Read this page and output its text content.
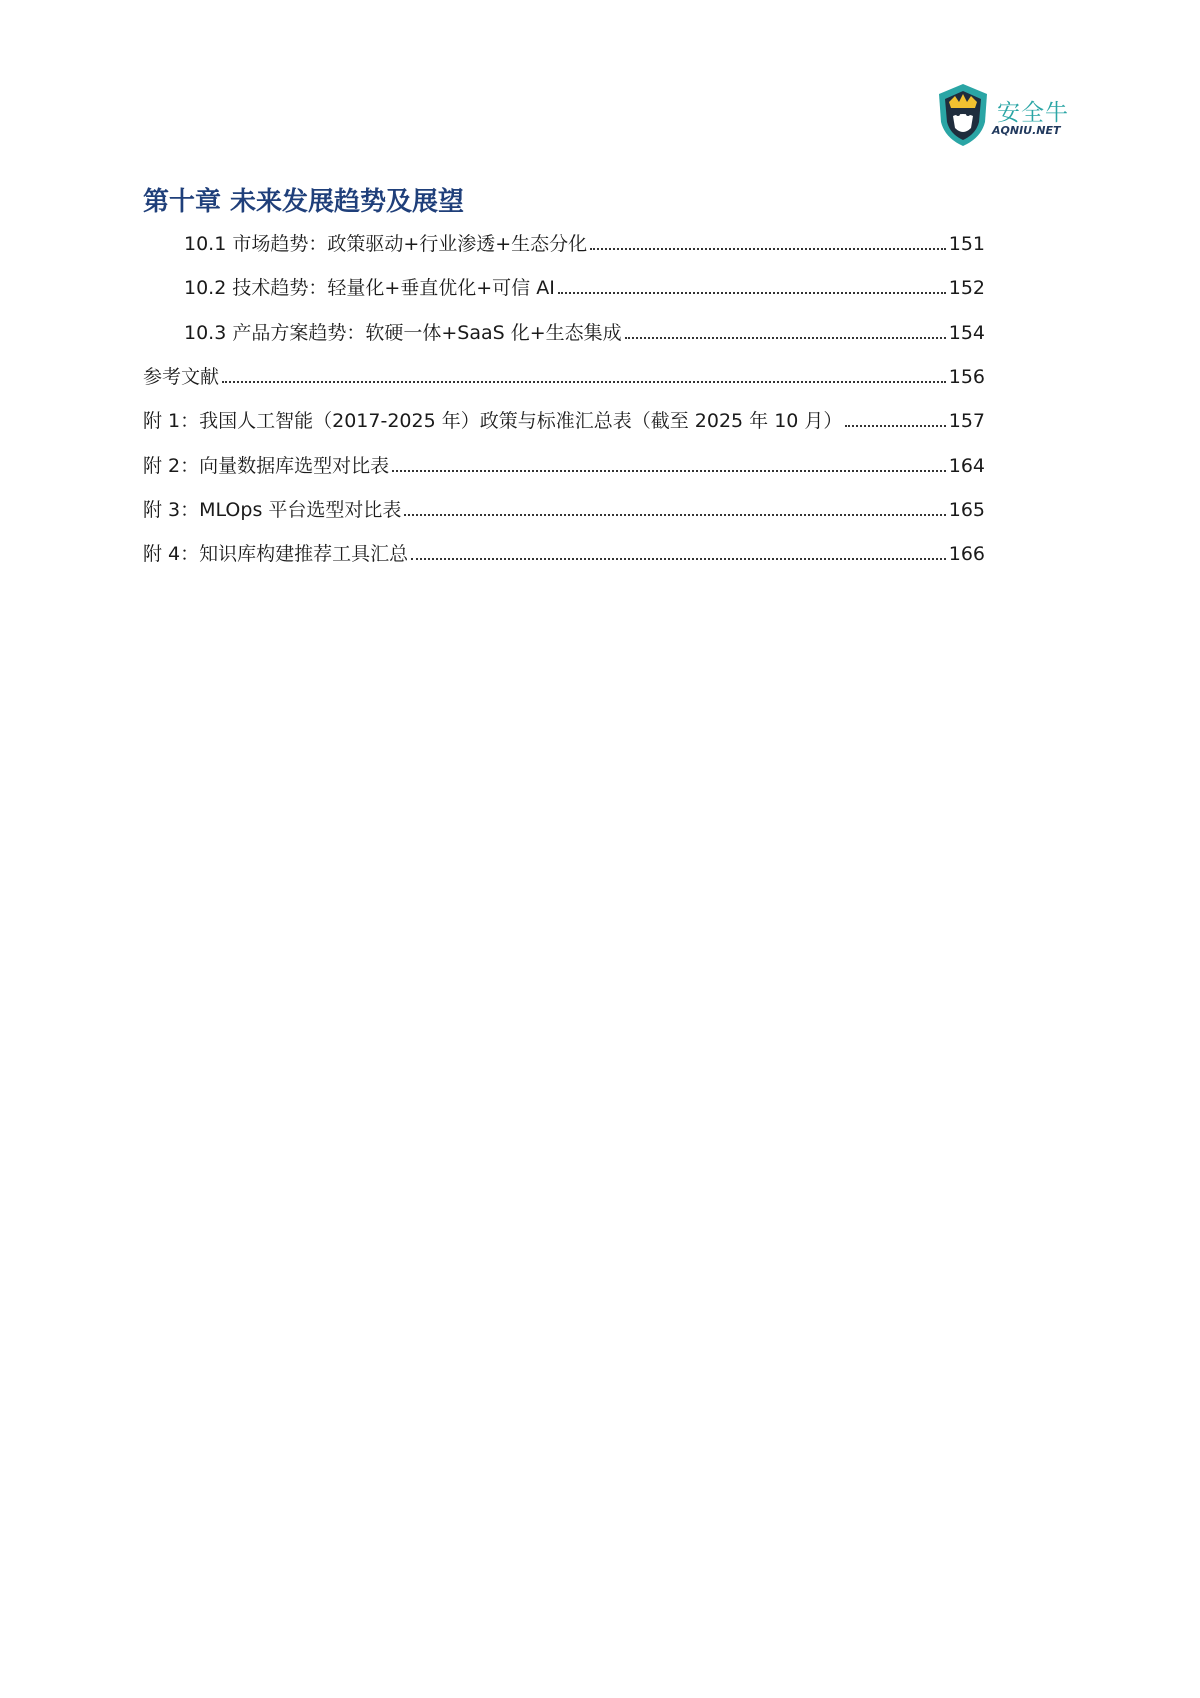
安全牛
AQNIU.NET
第十章 未来发展趋势及展望
10.1 市场趋势：政策驱动+行业渗透+生态分化	151
10.2 技术趋势：轻量化+垂直优化+可信 AI	152
10.3 产品方案趋势：软硬一体+SaaS 化+生态集成	154
参考文献	156
附 1：我国人工智能（2017-2025 年）政策与标准汇总表（截至 2025 年 10 月）	157
附 2：向量数据库选型对比表	164
附 3：MLOps 平台选型对比表	165
附 4：知识库构建推荐工具汇总	166
